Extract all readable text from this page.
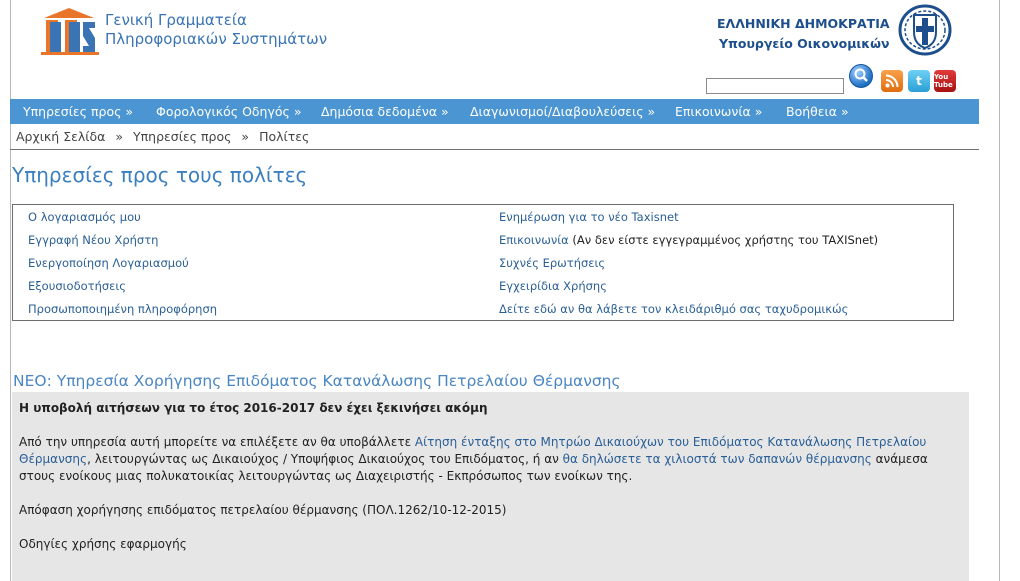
Γενική Γραμματεία
Πληροφοριακών Συστημάτων
ΕΛΛΗΝΙΚΗ ΔΗΜΟΚΡΑΤΙΑ
Υπουργείο Οικονομικών
t You Tube
Υπηρεσίες προς » Φορολογικός Οδηγός » Δημόσια δεδομένα » Διαγωνισμοί/Διαβουλεύσεις » Επικοινωνία » Βοήθεια »
Αρχική Σελίδα » Υπηρεσίες προς » Πολίτες
Υπηρεσίες προς τους πολίτες
Ο λογαριασμός μου
Εγγραφή Νέου Χρήστη
Ενεργοποίηση Λογαριασμού
Εξουσιοδοτήσεις
Προσωποποιημένη πληροφόρηση
Ενημέρωση για το νέο Taxisnet
Επικοινωνία (Αν δεν είστε εγγεγραμμένος χρήστης του TAXISnet)
Συχνές Ερωτήσεις
Εγχειρίδια Χρήσης
Δείτε εδώ αν θα λάβετε τον κλειδάριθμό σας ταχυδρομικώς
ΝΕΟ: Υπηρεσία Χορήγησης Επιδόματος Κατανάλωσης Πετρελαίου Θέρμανσης
Η υποβολή αιτήσεων για το έτος 2016-2017 δεν έχει ξεκινήσει ακόμη
Από την υπηρεσία αυτή μπορείτε να επιλέξετε αν θα υποβάλλετε Αίτηση ένταξης στο Μητρώο Δικαιούχων του Επιδόματος Κατανάλωσης Πετρελαίου Θέρμανσης, λειτουργώντας ως Δικαιούχος / Υποψήφιος Δικαιούχος του Επιδόματος, ή αν θα δηλώσετε τα χιλιοστά των δαπανών θέρμανσης ανάμεσα στους ενοίκους μιας πολυκατοικίας λειτουργώντας ως Διαχειριστής - Εκπρόσωπος των ενοίκων της.
Απόφαση χορήγησης επιδόματος πετρελαίου θέρμανσης (ΠΟΛ.1262/10-12-2015)
Οδηγίες χρήσης εφαρμογής
